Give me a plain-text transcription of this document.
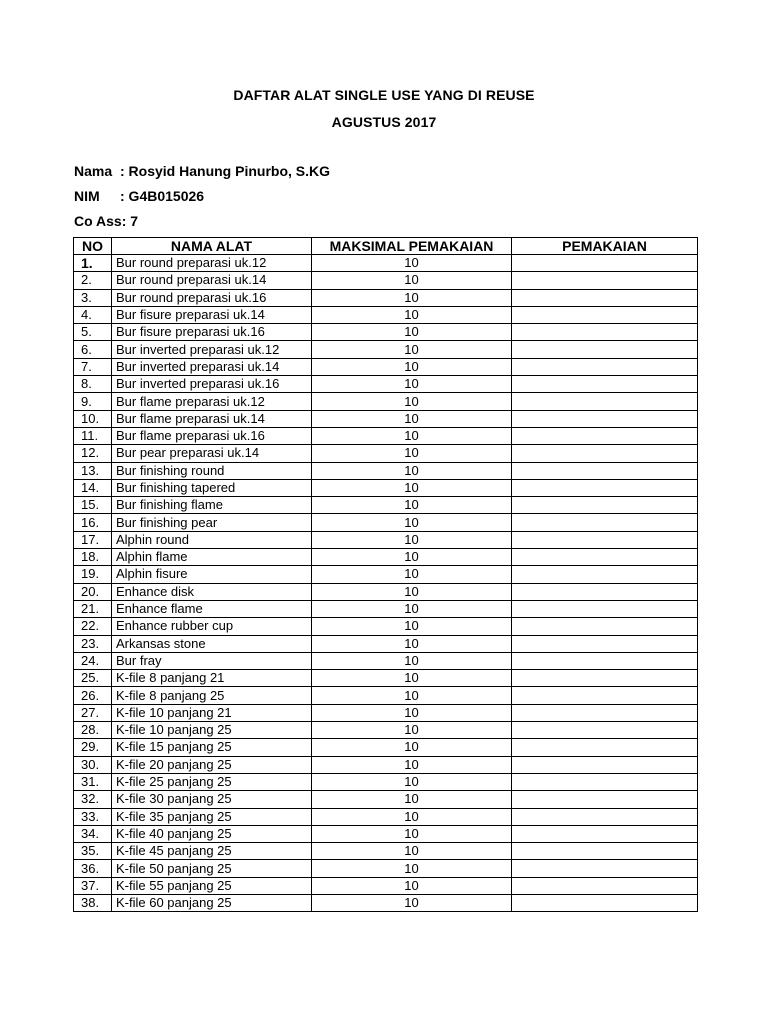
DAFTAR ALAT SINGLE USE YANG DI REUSE
AGUSTUS 2017
Nama : Rosyid Hanung Pinurbo, S.KG
NIM : G4B015026
Co Ass: 7
NO	NAMA ALAT	MAKSIMAL PEMAKAIAN	PEMAKAIAN
1.	Bur round preparasi uk.12	10	
2.	Bur round preparasi uk.14	10	
3.	Bur round preparasi uk.16	10	
4.	Bur fisure preparasi uk.14	10	
5.	Bur fisure preparasi uk.16	10	
6.	Bur inverted preparasi uk.12	10	
7.	Bur inverted preparasi uk.14	10	
8.	Bur inverted preparasi uk.16	10	
9.	Bur flame preparasi uk.12	10	
10.	Bur flame preparasi uk.14	10	
11.	Bur flame preparasi uk.16	10	
12.	Bur pear preparasi uk.14	10	
13.	Bur finishing round	10	
14.	Bur finishing tapered	10	
15.	Bur finishing flame	10	
16.	Bur finishing pear	10	
17.	Alphin round	10	
18.	Alphin flame	10	
19.	Alphin fisure	10	
20.	Enhance disk	10	
21.	Enhance flame	10	
22.	Enhance rubber cup	10	
23.	Arkansas stone	10	
24.	Bur fray	10	
25.	K-file 8 panjang 21	10	
26.	K-file 8 panjang 25	10	
27.	K-file 10 panjang 21	10	
28.	K-file 10 panjang 25	10	
29.	K-file 15 panjang 25	10	
30.	K-file 20 panjang 25	10	
31.	K-file 25 panjang 25	10	
32.	K-file 30 panjang 25	10	
33.	K-file 35 panjang 25	10	
34.	K-file 40 panjang 25	10	
35.	K-file 45 panjang 25	10	
36.	K-file 50 panjang 25	10	
37.	K-file 55 panjang 25	10	
38.	K-file 60 panjang 25	10	
